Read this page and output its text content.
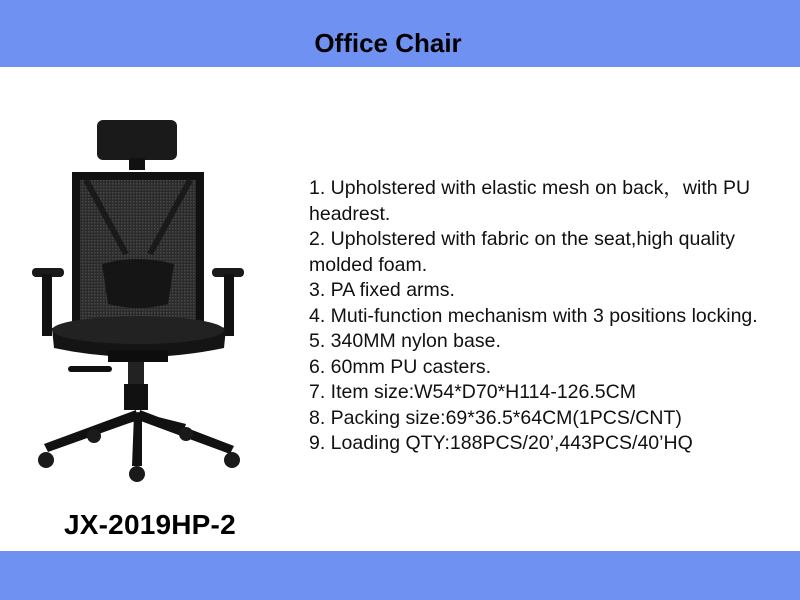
Office Chair
1. Upholstered with elastic mesh on back，with PU headrest.
2. Upholstered with fabric on the seat,high quality molded foam.
3. PA fixed arms.
4. Muti-function mechanism with 3 positions locking.
5. 340MM nylon base.
6. 60mm PU casters.
7. Item size:W54*D70*H114-126.5CM
8. Packing size:69*36.5*64CM(1PCS/CNT)
9. Loading QTY:188PCS/20’,443PCS/40’HQ
JX-2019HP-2
